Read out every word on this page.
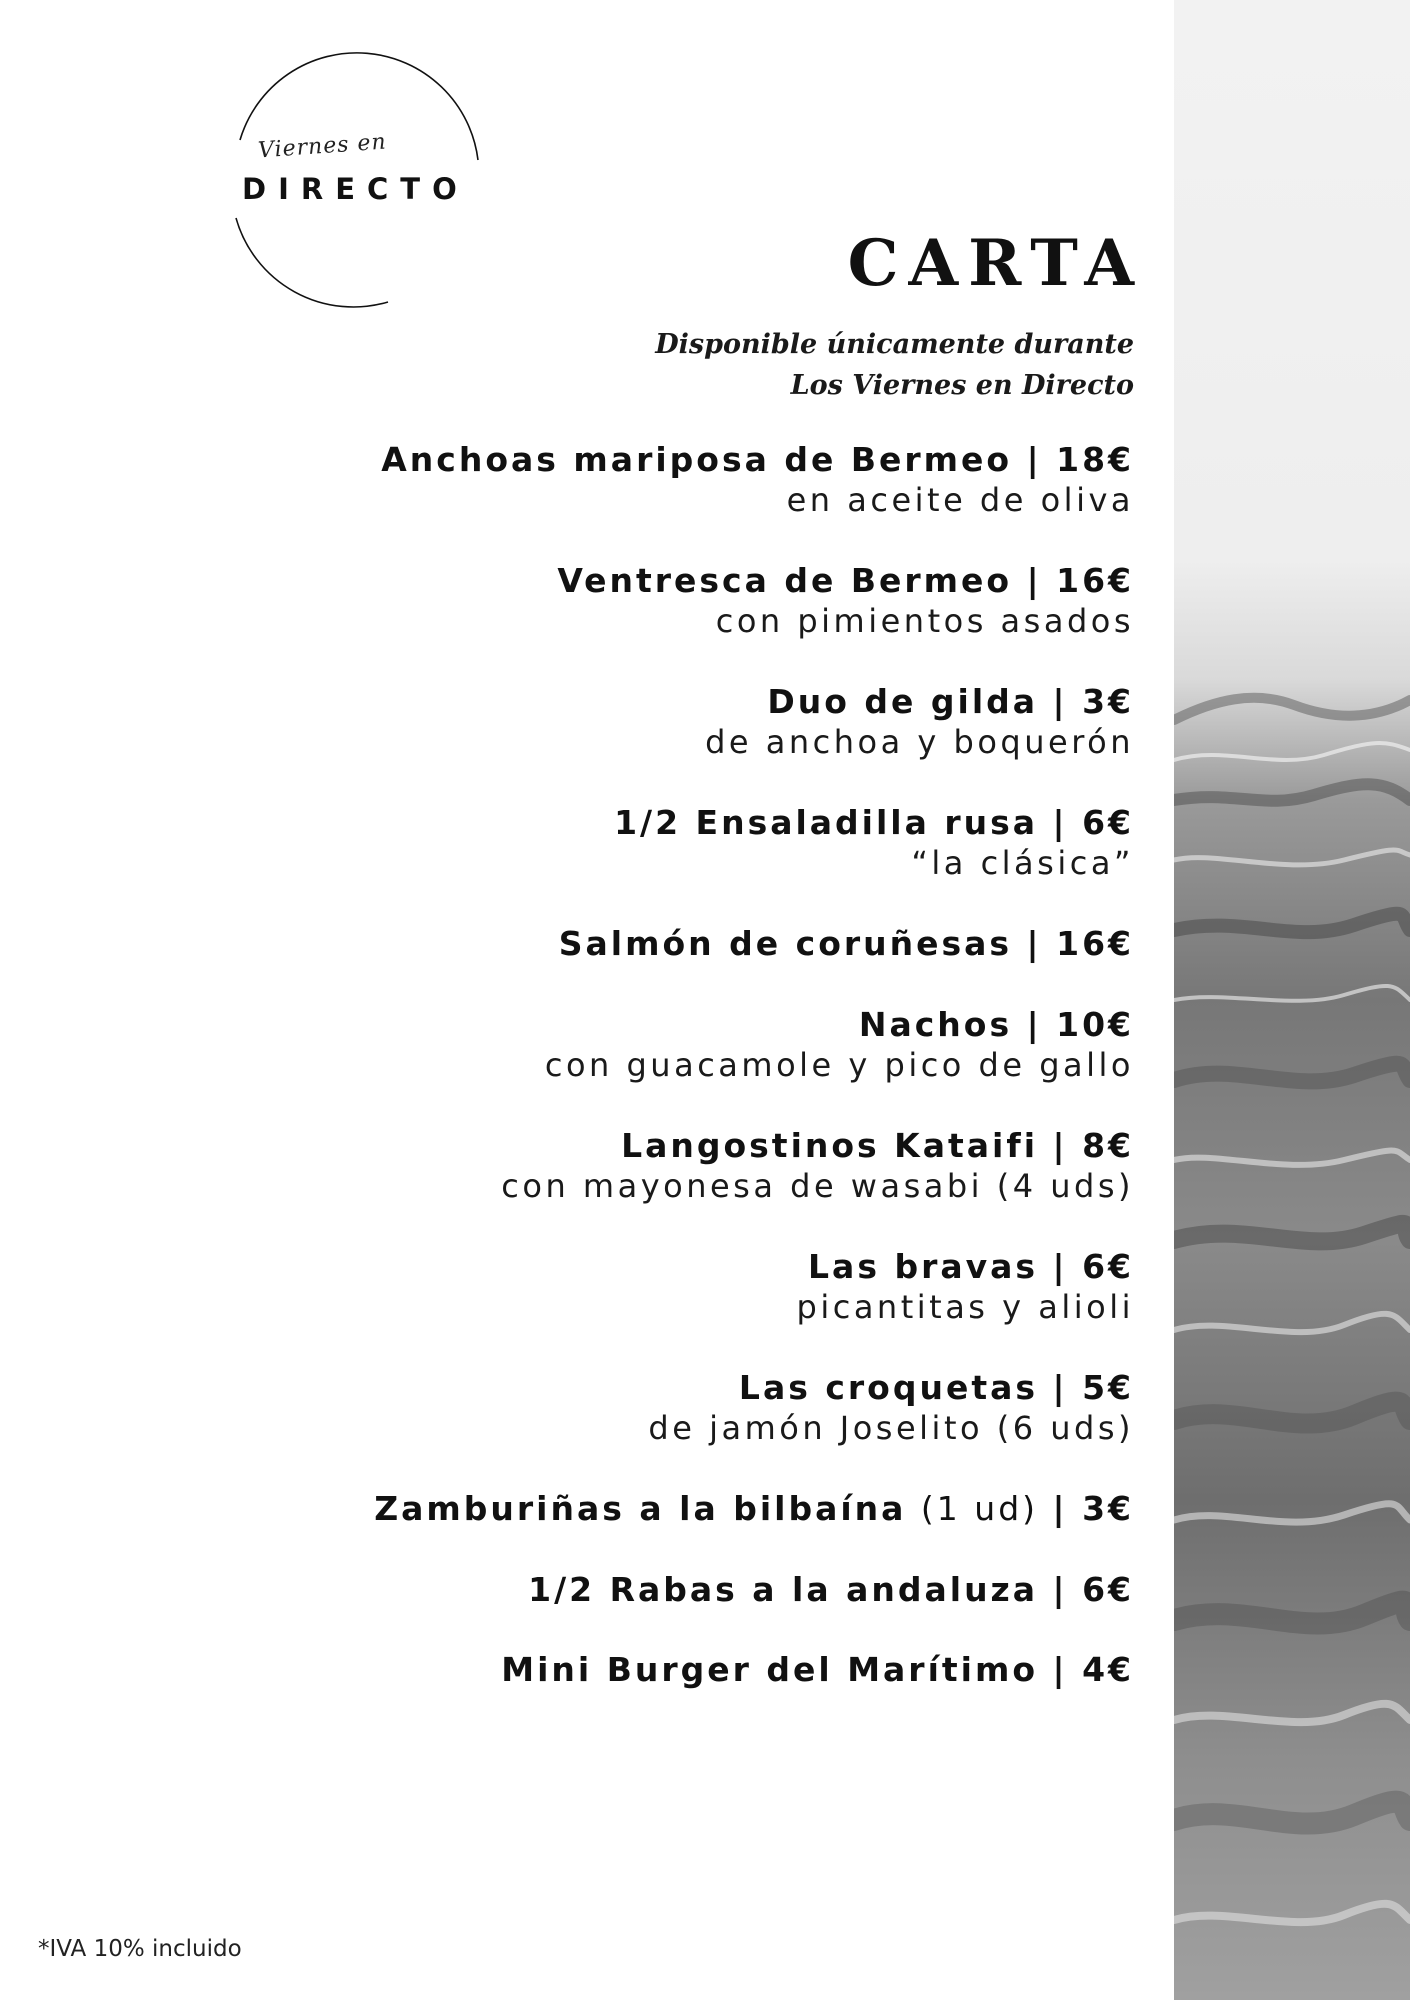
Viernes en
DIRECTO
CARTA
Disponible únicamente durante
Los Viernes en Directo
Anchoas mariposa de Bermeo | 18€
en aceite de oliva
Ventresca de Bermeo | 16€
con pimientos asados
Duo de gilda | 3€
de anchoa y boquerón
1/2 Ensaladilla rusa | 6€
“la clásica”
Salmón de coruñesas | 16€
Nachos | 10€
con guacamole y pico de gallo
Langostinos Kataifi | 8€
con mayonesa de wasabi (4 uds)
Las bravas | 6€
picantitas y alioli
Las croquetas | 5€
de jamón Joselito (6 uds)
Zamburiñas a la bilbaína (1 ud) | 3€
1/2 Rabas a la andaluza | 6€
Mini Burger del Marítimo | 4€
*IVA 10% incluido
